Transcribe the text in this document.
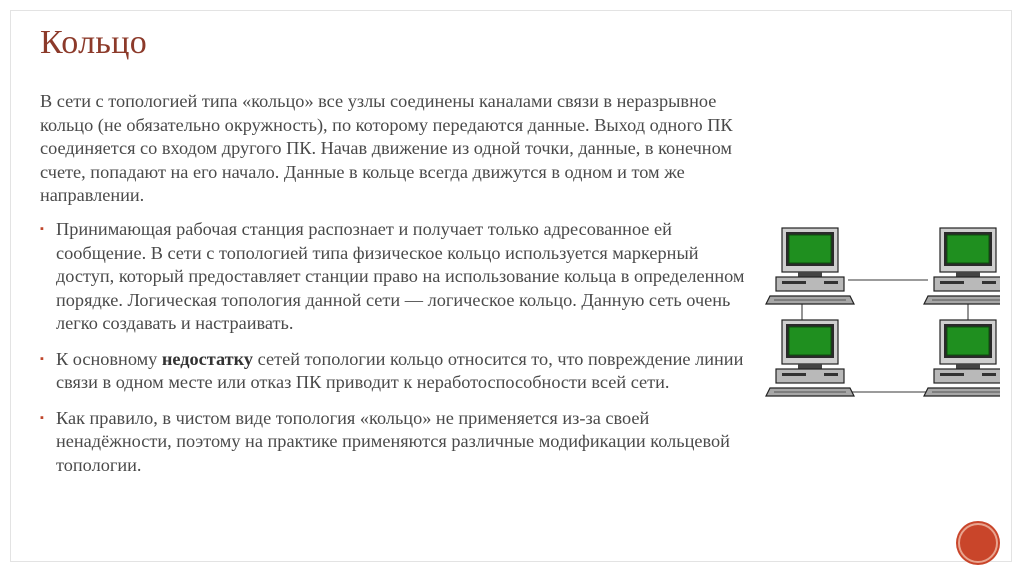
Кольцо
В сети с топологией типа «кольцо» все узлы соединены каналами связи в неразрывное кольцо (не обязательно окружность), по которому передаются данные. Выход одного ПК соединяется со входом другого ПК. Начав движение из одной точки, данные, в конечном счете, попадают на его начало. Данные в кольце всегда движутся в одном и том же направлении.
▪ Принимающая рабочая станция распознает и получает только адресованное ей сообщение. В сети с топологией типа физическое кольцо используется маркерный доступ, который предоставляет станции право на использование кольца в определенном порядке. Логическая топология данной сети — логическое кольцо. Данную сеть очень легко создавать и настраивать.
▪ К основному недостатку сетей топологии кольцо относится то, что повреждение линии связи в одном месте или отказ ПК приводит к неработоспособности всей сети.
▪ Как правило, в чистом виде топология «кольцо» не применяется из-за своей ненадёжности, поэтому на практике применяются различные модификации кольцевой топологии.
